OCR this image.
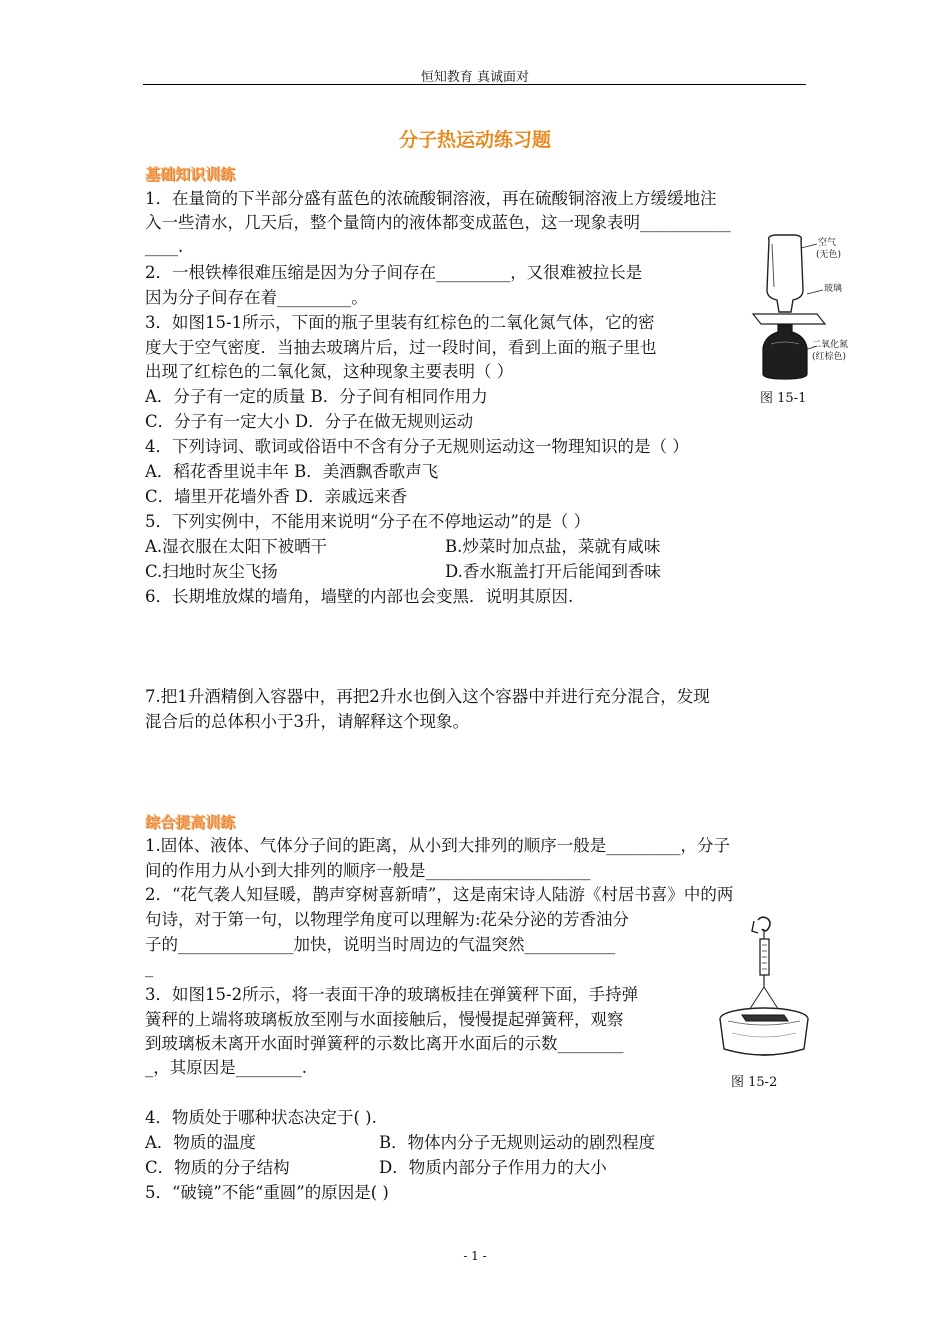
恒知教育 真诚面对
分子热运动练习题
基础知识训练
1．在量筒的下半部分盛有蓝色的浓硫酸铜溶液，再在硫酸铜溶液上方缓缓地注
入一些清水，几天后，整个量筒内的液体都变成蓝色，这一现象表明___________
____.
2．一根铁棒很难压缩是因为分子间存在_________，又很难被拉长是
因为分子间存在着_________。
3．如图15-1所示，下面的瓶子里装有红棕色的二氧化氮气体，它的密
度大于空气密度．当抽去玻璃片后，过一段时间，看到上面的瓶子里也
出现了红棕色的二氧化氮，这种现象主要表明（ ）
A．分子有一定的质量 B．分子间有相同作用力
C．分子有一定大小 D．分子在做无规则运动
4．下列诗词、歌词或俗语中不含有分子无规则运动这一物理知识的是（ ）
A．稻花香里说丰年 B．美酒飘香歌声飞
C．墙里开花墙外香 D．亲戚远来香
5．下列实例中，不能用来说明“分子在不停地运动”的是（ ）
A.湿衣服在太阳下被晒干	B.炒菜时加点盐，菜就有咸味
C.扫地时灰尘飞扬	D.香水瓶盖打开后能闻到香味
6．长期堆放煤的墙角，墙壁的内部也会变黑．说明其原因.
7.把1升酒精倒入容器中，再把2升水也倒入这个容器中并进行充分混合，发现
混合后的总体积小于3升，请解释这个现象。
空气
(无色)
玻璃
二氧化氮
(红棕色)
图 15-1
综合提高训练
1.固体、液体、气体分子间的距离，从小到大排列的顺序一般是_________，分子
间的作用力从小到大排列的顺序一般是____________________
2．“花气袭人知昼暖，鹊声穿树喜新晴”，这是南宋诗人陆游《村居书喜》中的两
句诗，对于第一句，以物理学角度可以理解为:花朵分泌的芳香油分
子的______________加快，说明当时周边的气温突然___________
_
3．如图15-2所示，将一表面干净的玻璃板挂在弹簧秤下面，手持弹
簧秤的上端将玻璃板放至刚与水面接触后，慢慢提起弹簧秤，观察
到玻璃板未离开水面时弹簧秤的示数比离开水面后的示数________
_，其原因是________.
4．物质处于哪种状态决定于( ).
A．物质的温度	B．物体内分子无规则运动的剧烈程度
C．物质的分子结构	D．物质内部分子作用力的大小
5．“破镜”不能“重圆”的原因是( )
图 15-2
- 1 -
